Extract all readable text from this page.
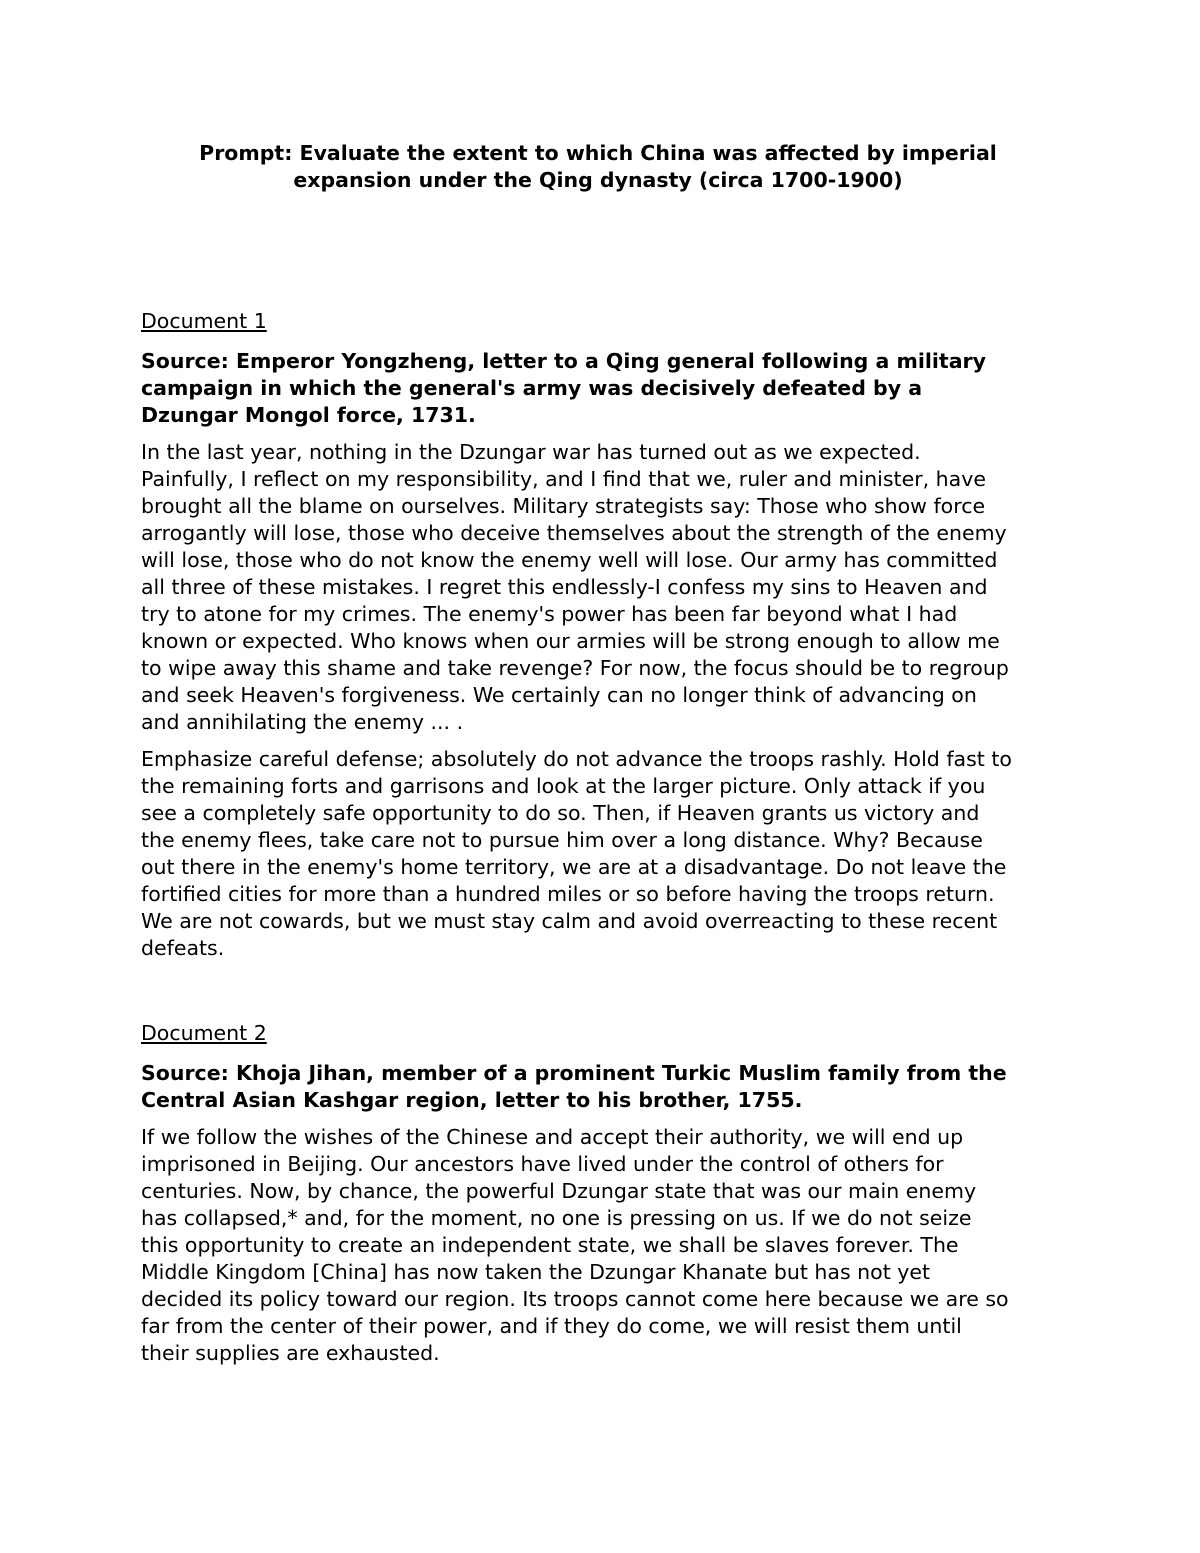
Prompt: Evaluate the extent to which China was affected by imperial
expansion under the Qing dynasty (circa 1700-1900)

Document 1

Source: Emperor Yongzheng, letter to a Qing general following a military
campaign in which the general's army was decisively defeated by a
Dzungar Mongol force, 1731.

In the last year, nothing in the Dzungar war has turned out as we expected.
Painfully, I reflect on my responsibility, and I find that we, ruler and minister, have
brought all the blame on ourselves. Military strategists say: Those who show force
arrogantly will lose, those who deceive themselves about the strength of the enemy
will lose, those who do not know the enemy well will lose. Our army has committed
all three of these mistakes. I regret this endlessly-I confess my sins to Heaven and
try to atone for my crimes. The enemy's power has been far beyond what I had
known or expected. Who knows when our armies will be strong enough to allow me
to wipe away this shame and take revenge? For now, the focus should be to regroup
and seek Heaven's forgiveness. We certainly can no longer think of advancing on
and annihilating the enemy ... .

Emphasize careful defense; absolutely do not advance the troops rashly. Hold fast to
the remaining forts and garrisons and look at the larger picture. Only attack if you
see a completely safe opportunity to do so. Then, if Heaven grants us victory and
the enemy flees, take care not to pursue him over a long distance. Why? Because
out there in the enemy's home territory, we are at a disadvantage. Do not leave the
fortified cities for more than a hundred miles or so before having the troops return.
We are not cowards, but we must stay calm and avoid overreacting to these recent
defeats.

Document 2

Source: Khoja Jihan, member of a prominent Turkic Muslim family from the
Central Asian Kashgar region, letter to his brother, 1755.

If we follow the wishes of the Chinese and accept their authority, we will end up
imprisoned in Beijing. Our ancestors have lived under the control of others for
centuries. Now, by chance, the powerful Dzungar state that was our main enemy
has collapsed,* and, for the moment, no one is pressing on us. If we do not seize
this opportunity to create an independent state, we shall be slaves forever. The
Middle Kingdom [China] has now taken the Dzungar Khanate but has not yet
decided its policy toward our region. Its troops cannot come here because we are so
far from the center of their power, and if they do come, we will resist them until
their supplies are exhausted.
